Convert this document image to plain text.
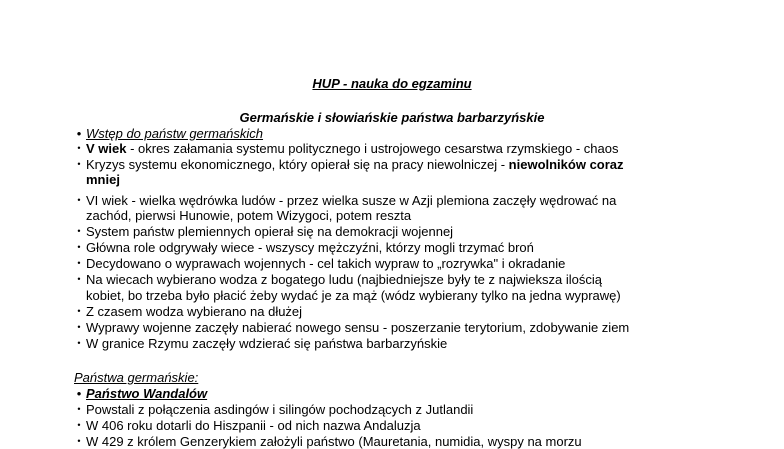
HUP - nauka do egzaminu
Germańskie i słowiańskie państwa barbarzyńskie
• Wstęp do państw germańskich
• V wiek - okres załamania systemu politycznego i ustrojowego cesarstwa rzymskiego - chaos
• Kryzys systemu ekonomicznego, który opierał się na pracy niewolniczej - niewolników coraz
mniej
• VI wiek - wielka wędrówka ludów - przez wielka susze w Azji plemiona zaczęły wędrować na
zachód, pierwsi Hunowie, potem Wizygoci, potem reszta
• System państw plemiennych opierał się na demokracji wojennej
• Główna role odgrywały wiece - wszyscy mężczyźni, którzy mogli trzymać broń
• Decydowano o wyprawach wojennych - cel takich wypraw to „rozrywka" i okradanie
• Na wiecach wybierano wodza z bogatego ludu (najbiedniejsze były te z najwieksza ilością
kobiet, bo trzeba było płacić żeby wydać je za mąż (wódz wybierany tylko na jedna wyprawę)
• Z czasem wodza wybierano na dłużej
• Wyprawy wojenne zaczęły nabierać nowego sensu - poszerzanie terytorium, zdobywanie ziem
• W granice Rzymu zaczęły wdzierać się państwa barbarzyńskie
Państwa germańskie:
• Państwo Wandalów
• Powstali z połączenia asdingów i silingów pochodzących z Jutlandii
• W 406 roku dotarli do Hiszpanii - od nich nazwa Andaluzja
• W 429 z królem Genzerykiem założyli państwo (Mauretania, numidia, wyspy na morzu
